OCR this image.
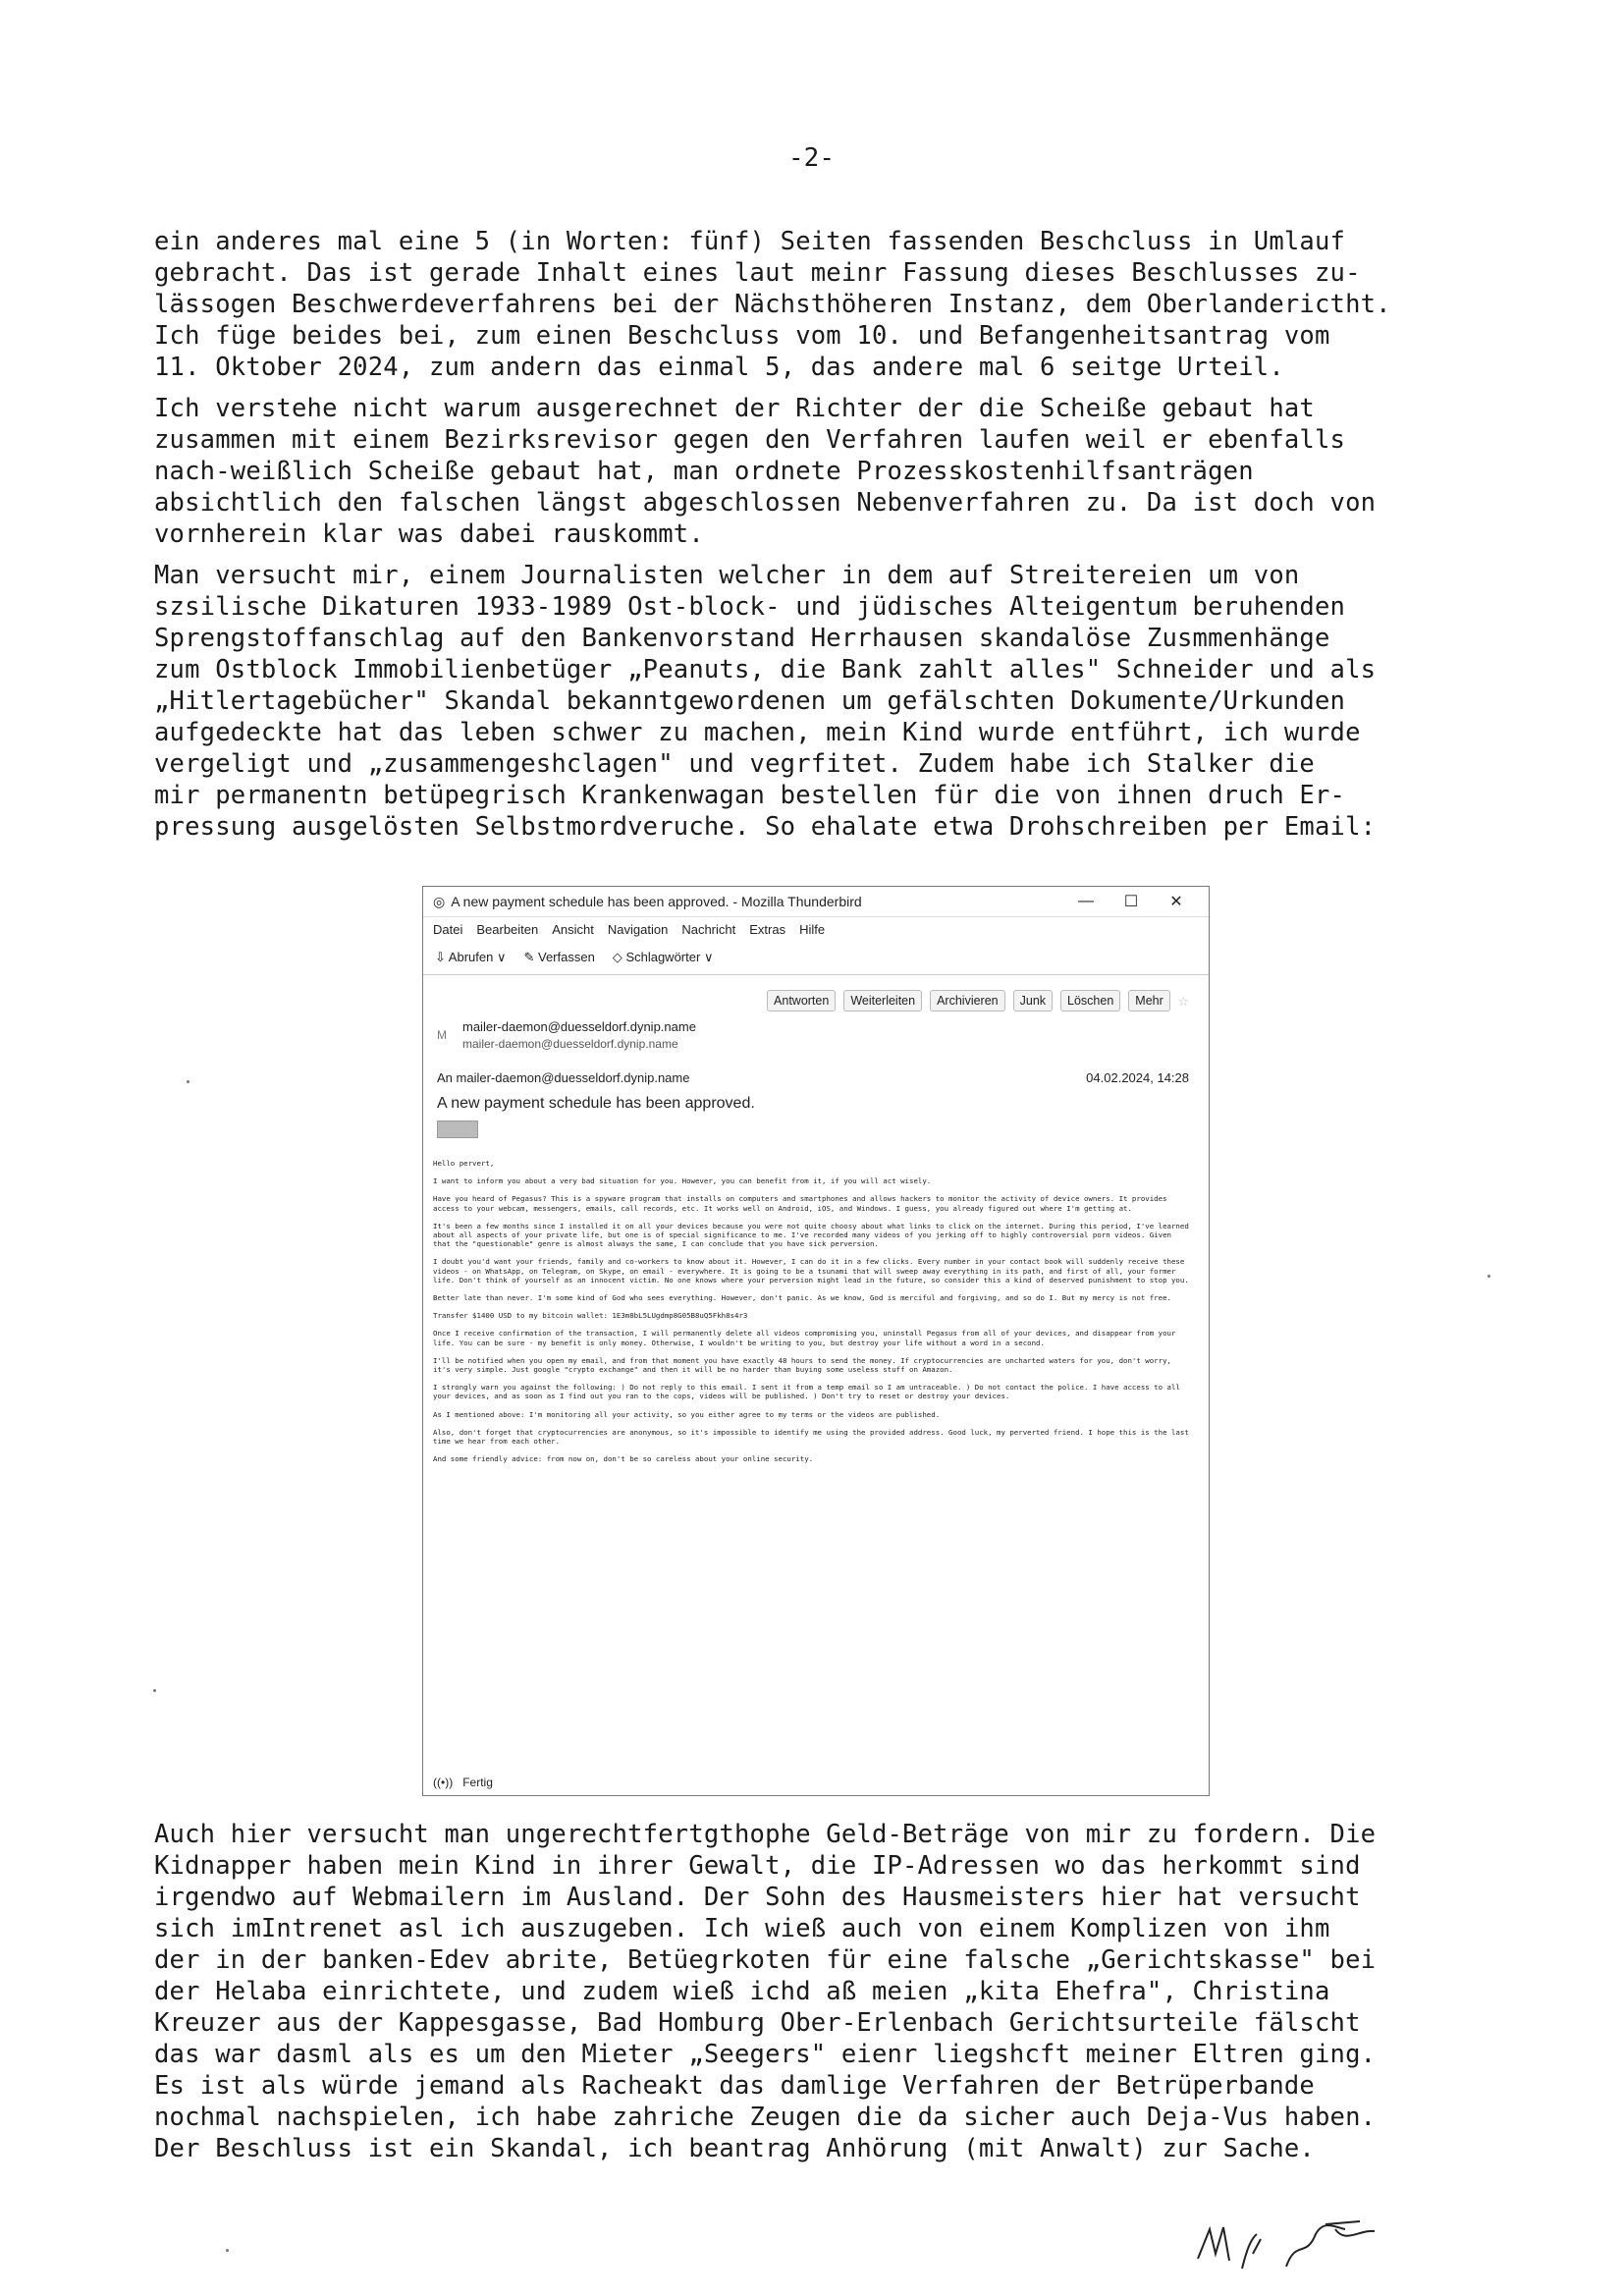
-2-

ein anderes mal eine 5 (in Worten: fünf) Seiten fassenden Beschcluss in Umlauf
gebracht. Das ist gerade Inhalt eines laut meinr Fassung dieses Beschlusses zu-
lässogen Beschwerdeverfahrens bei der Nächsthöheren Instanz, dem Oberlanderictht.
Ich füge beides bei, zum einen Beschcluss vom 10. und Befangenheitsantrag vom
11. Oktober 2024, zum andern das einmal 5, das andere mal 6 seitge Urteil.

Ich verstehe nicht warum ausgerechnet der Richter der die Scheiße gebaut hat
zusammen mit einem Bezirksrevisor gegen den Verfahren laufen weil er ebenfalls
nach-weißlich Scheiße gebaut hat, man ordnete Prozesskostenhilfsanträgen
absichtlich den falschen längst abgeschlossen Nebenverfahren zu. Da ist doch von
vornherein klar was dabei rauskommt.

Man versucht mir, einem Journalisten welcher in dem auf Streitereien um von
szsilische Dikaturen 1933-1989 Ost-block- und jüdisches Alteigentum beruhenden
Sprengstoffanschlag auf den Bankenvorstand Herrhausen skandalöse Zusmmenhänge
zum Ostblock Immobilienbetüger „Peanuts, die Bank zahlt alles" Schneider und als
„Hitlertagebücher" Skandal bekanntgewordenen um gefälschten Dokumente/Urkunden
aufgedeckte hat das leben schwer zu machen, mein Kind wurde entführt, ich wurde
vergeligt und „zusammengeshclagen" und vegrfitet. Zudem habe ich Stalker die
mir permanentn betüpegrisch Krankenwagan bestellen für die von ihnen druch Er-
pressung ausgelösten Selbstmordveruche. So ehalate etwa Drohschreiben per Email:

◎ A new payment schedule has been approved. - Mozilla Thunderbird	—	☐	✕
Datei Bearbeiten Ansicht Navigation Nachricht Extras Hilfe
⇩ Abrufen ∨ ✎ Verfassen ◇ Schlagwörter ∨
Antworten	Weiterleiten	Archivieren	Junk	Löschen	Mehr	☆
M
mailer-daemon@duesseldorf.dynip.name
mailer-daemon@duesseldorf.dynip.name
An mailer-daemon@duesseldorf.dynip.name	04.02.2024, 14:28
A new payment schedule has been approved.

Hello pervert,

I want to inform you about a very bad situation for you. However, you can benefit from it, if you will act wisely.

Have you heard of Pegasus? This is a spyware program that installs on computers and smartphones and allows hackers to monitor the activity of device owners. It provides access to your webcam, messengers, emails, call records, etc. It works well on Android, iOS, and Windows. I guess, you already figured out where I'm getting at.

It's been a few months since I installed it on all your devices because you were not quite choosy about what links to click on the internet. During this period, I've learned about all aspects of your private life, but one is of special significance to me. I've recorded many videos of you jerking off to highly controversial porn videos. Given that the "questionable" genre is almost always the same, I can conclude that you have sick perversion.

I doubt you'd want your friends, family and co-workers to know about it. However, I can do it in a few clicks. Every number in your contact book will suddenly receive these videos - on WhatsApp, on Telegram, on Skype, on email - everywhere. It is going to be a tsunami that will sweep away everything in its path, and first of all, your former life. Don't think of yourself as an innocent victim. No one knows where your perversion might lead in the future, so consider this a kind of deserved punishment to stop you.

Better late than never. I'm some kind of God who sees everything. However, don't panic. As we know, God is merciful and forgiving, and so do I. But my mercy is not free.

Transfer $1400 USD to my bitcoin wallet: 1E3m8bL5LUgdmp8G05B8uQ5Fkh8s4r3

Once I receive confirmation of the transaction, I will permanently delete all videos compromising you, uninstall Pegasus from all of your devices, and disappear from your life. You can be sure - my benefit is only money. Otherwise, I wouldn't be writing to you, but destroy your life without a word in a second.

I'll be notified when you open my email, and from that moment you have exactly 48 hours to send the money. If cryptocurrencies are uncharted waters for you, don't worry, it's very simple. Just google "crypto exchange" and then it will be no harder than buying some useless stuff on Amazon.

I strongly warn you against the following: ) Do not reply to this email. I sent it from a temp email so I am untraceable. ) Do not contact the police. I have access to all your devices, and as soon as I find out you ran to the cops, videos will be published. ) Don't try to reset or destroy your devices.

As I mentioned above: I'm monitoring all your activity, so you either agree to my terms or the videos are published.

Also, don't forget that cryptocurrencies are anonymous, so it's impossible to identify me using the provided address. Good luck, my perverted friend. I hope this is the last time we hear from each other.

And some friendly advice: from now on, don't be so careless about your online security.

((•)) Fertig

Auch hier versucht man ungerechtfertgthophe Geld-Beträge von mir zu fordern. Die
Kidnapper haben mein Kind in ihrer Gewalt, die IP-Adressen wo das herkommt sind
irgendwo auf Webmailern im Ausland. Der Sohn des Hausmeisters hier hat versucht
sich imIntrenet asl ich auszugeben. Ich wieß auch von einem Komplizen von ihm
der in der banken-Edev abrite, Betüegrkoten für eine falsche „Gerichtskasse" bei
der Helaba einrichtete, und zudem wieß ichd aß meien „kita Ehefra", Christina
Kreuzer aus der Kappesgasse, Bad Homburg Ober-Erlenbach Gerichtsurteile fälscht
das war dasml als es um den Mieter „Seegers" eienr liegshcft meiner Eltren ging.
Es ist als würde jemand als Racheakt das damlige Verfahren der Betrüperbande
nochmal nachspielen, ich habe zahriche Zeugen die da sicher auch Deja-Vus haben.
Der Beschluss ist ein Skandal, ich beantrag Anhörung (mit Anwalt) zur Sache.
